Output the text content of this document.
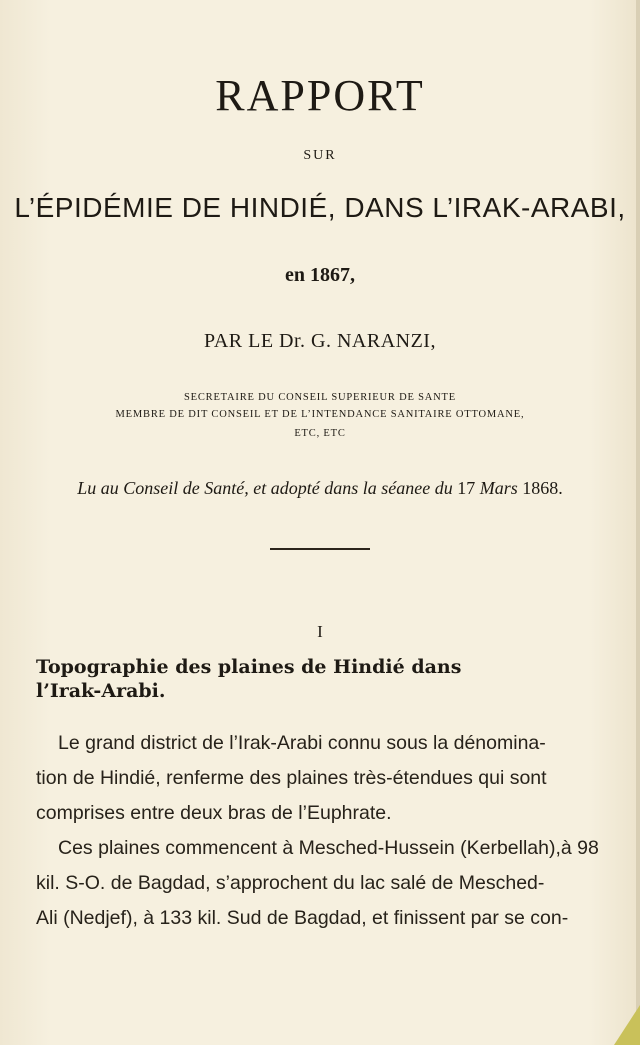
RAPPORT
SUR
L’ÉPIDÉMIE DE HINDIÉ, DANS L’IRAK-ARABI,
en 1867,
PAR LE Dr. G. NARANZI,
SECRETAIRE DU CONSEIL SUPERIEUR DE SANTE
MEMBRE DE DIT CONSEIL ET DE L’INTENDANCE SANITAIRE OTTOMANE,
ETC, ETC
Lu au Conseil de Santé, et adopté dans la séanee du 17 Mars 1868.
I
Topographie des plaines de Hindié dans
l’Irak-Arabi.
Le grand district de l’Irak-Arabi connu sous la dénomina-
tion de Hindié, renferme des plaines très-étendues qui sont
comprises entre deux bras de l’Euphrate.
Ces plaines commencent à Mesched-Hussein (Kerbellah),à 98
kil. S-O. de Bagdad, s’approchent du lac salé de Mesched-
Ali (Nedjef), à 133 kil. Sud de Bagdad, et finissent par se con-
